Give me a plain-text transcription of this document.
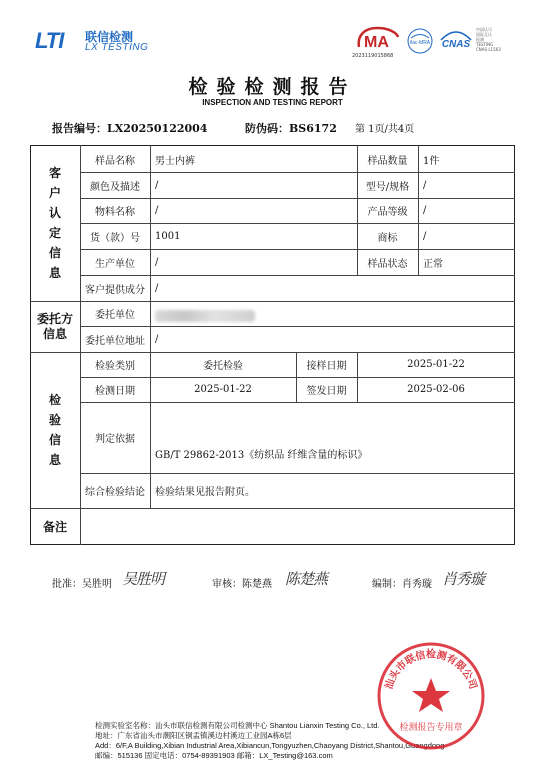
LTI 联信检测
LX TESTING	MA
2023119015868
ilac-MRA CNAS
中国认可
国际互认
检测
TESTING
CNAS L1563
检验检测报告
INSPECTION AND TESTING REPORT
报告编号：LX20250122004	防伪码：BS6172 第 1页/共4页
客
户
认
定
信
息
样品名称	男士内裤	样品数量	1件
颜色及描述	/	型号/规格	/
物料名称	/	产品等级	/
货（款）号	1001	商标	/
生产单位	/	样品状态	正常
客户提供成分	/
委托方
信息
委托单位
委托单位地址	/
检
验
信
息
检验类别	委托检验	接样日期	2025-01-22
检测日期	2025-01-22	签发日期	2025-02-06
判定依据
GB/T 29862-2013《纺织品 纤维含量的标识》
综合检验结论	检验结果见报告附页。
备注
批准：吴胜明 吴胜明	审核：陈楚燕 陈楚燕	编制：肖秀璇 肖秀璇
检测实验室名称：汕头市联信检测有限公司检测中心 Shantou Lianxin Testing Co., Ltd.
地址：广东省汕头市潮阳区铜盂镇溪边村溪边工业园A栋6层
Add：6/F,A Building,Xibian Industrial Area,Xibiancun,Tongyuzhen,Chaoyang District,Shantou,Guangdong
邮编：515136 固定电话：0754-89391903 邮箱：LX_Testing@163.com
汕头市联信检测有限公司
检测报告专用章
